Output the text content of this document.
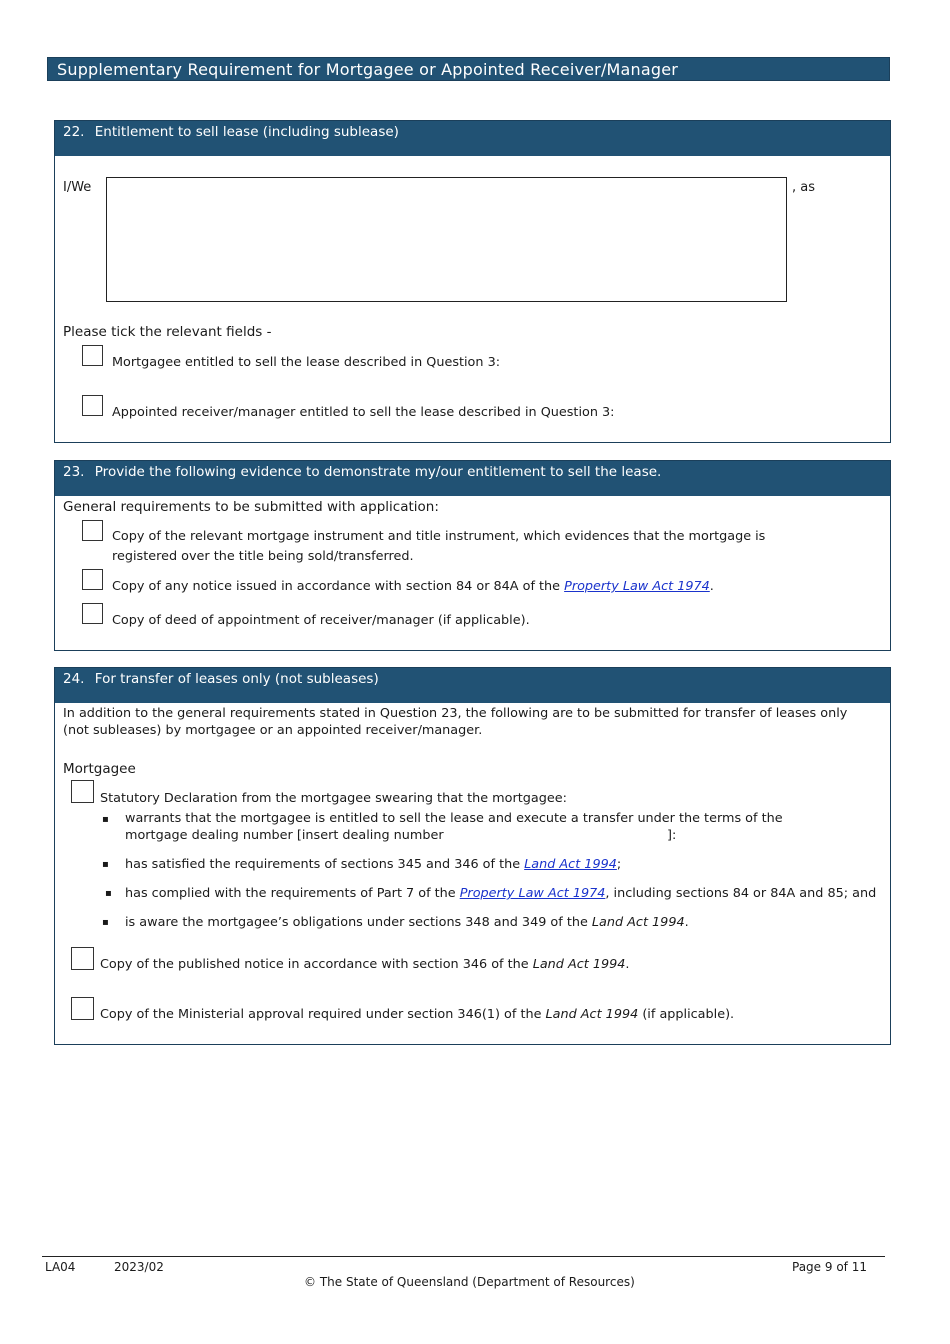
Supplementary Requirement for Mortgagee or Appointed Receiver/Manager
22. Entitlement to sell lease (including sublease)
I/We	, as
Please tick the relevant fields -
Mortgagee entitled to sell the lease described in Question 3:
Appointed receiver/manager entitled to sell the lease described in Question 3:
23. Provide the following evidence to demonstrate my/our entitlement to sell the lease.
General requirements to be submitted with application:
Copy of the relevant mortgage instrument and title instrument, which evidences that the mortgage is
registered over the title being sold/transferred.
Copy of any notice issued in accordance with section 84 or 84A of the Property Law Act 1974.
Copy of deed of appointment of receiver/manager (if applicable).
24. For transfer of leases only (not subleases)
In addition to the general requirements stated in Question 23, the following are to be submitted for transfer of leases only
(not subleases) by mortgagee or an appointed receiver/manager.
Mortgagee
Statutory Declaration from the mortgagee swearing that the mortgagee:
▪ warrants that the mortgagee is entitled to sell the lease and execute a transfer under the terms of the
mortgage dealing number [insert dealing number	]:
▪ has satisfied the requirements of sections 345 and 346 of the Land Act 1994;
▪ has complied with the requirements of Part 7 of the Property Law Act 1974, including sections 84 or 84A and 85; and
▪ is aware the mortgagee’s obligations under sections 348 and 349 of the Land Act 1994.
Copy of the published notice in accordance with section 346 of the Land Act 1994.
Copy of the Ministerial approval required under section 346(1) of the Land Act 1994 (if applicable).
LA04	2023/02	Page 9 of 11
© The State of Queensland (Department of Resources)
